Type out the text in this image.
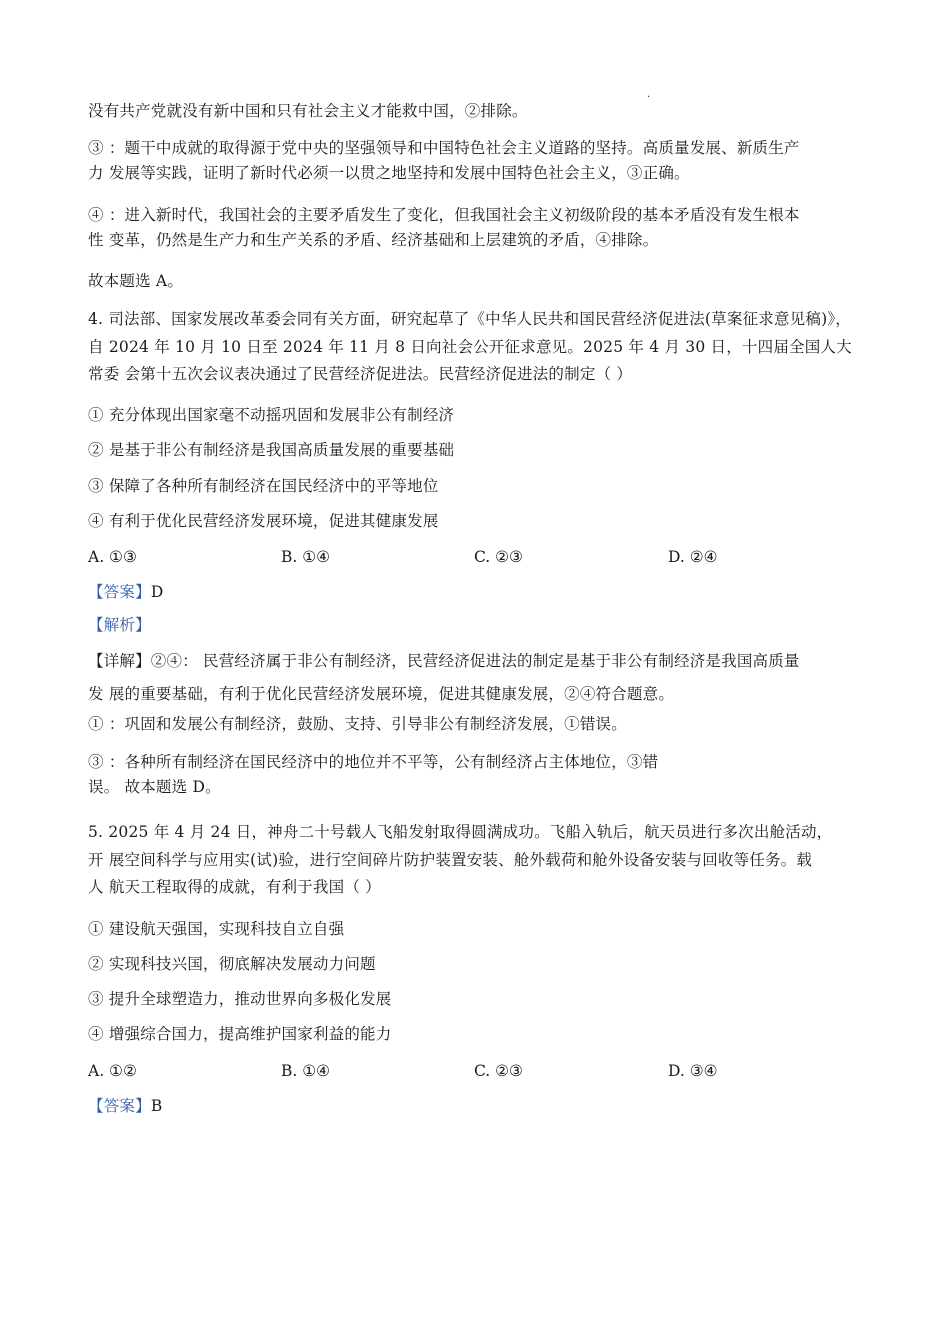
.
没有共产党就没有新中国和只有社会主义才能救中国，②排除。
③ ：题干中成就的取得源于党中央的坚强领导和中国特色社会主义道路的坚持。高质量发展、新质生产
力 发展等实践，证明了新时代必须一以贯之地坚持和发展中国特色社会主义，③正确。
④ ：进入新时代，我国社会的主要矛盾发生了变化，但我国社会主义初级阶段的基本矛盾没有发生根本
性 变革，仍然是生产力和生产关系的矛盾、经济基础和上层建筑的矛盾，④排除。
故本题选 A。
4. 司法部、国家发展改革委会同有关方面，研究起草了《中华人民共和国民营经济促进法(草案征求意见稿)》，
自 2024 年 10 月 10 日至 2024 年 11 月 8 日向社会公开征求意见。2025 年 4 月 30 日，十四届全国人大
常委 会第十五次会议表决通过了民营经济促进法。民营经济促进法的制定（ ）
① 充分体现出国家毫不动摇巩固和发展非公有制经济
② 是基于非公有制经济是我国高质量发展的重要基础
③ 保障了各种所有制经济在国民经济中的平等地位
④ 有利于优化民营经济发展环境，促进其健康发展
A. ①③	B. ①④	C. ②③	D. ②④
【答案】D
【解析】
【详解】②④： 民营经济属于非公有制经济，民营经济促进法的制定是基于非公有制经济是我国高质量
发 展的重要基础，有利于优化民营经济发展环境，促进其健康发展，②④符合题意。
① ：巩固和发展公有制经济，鼓励、支持、引导非公有制经济发展，①错误。
③ ：各种所有制经济在国民经济中的地位并不平等，公有制经济占主体地位，③错
误。 故本题选 D。
5. 2025 年 4 月 24 日，神舟二十号载人飞船发射取得圆满成功。飞船入轨后，航天员进行多次出舱活动，
开 展空间科学与应用实(试)验，进行空间碎片防护装置安装、舱外载荷和舱外设备安装与回收等任务。载
人 航天工程取得的成就，有利于我国（ ）
① 建设航天强国，实现科技自立自强
② 实现科技兴国，彻底解决发展动力问题
③ 提升全球塑造力，推动世界向多极化发展
④ 增强综合国力，提高维护国家利益的能力
A. ①②	B. ①④	C. ②③	D. ③④
【答案】B
